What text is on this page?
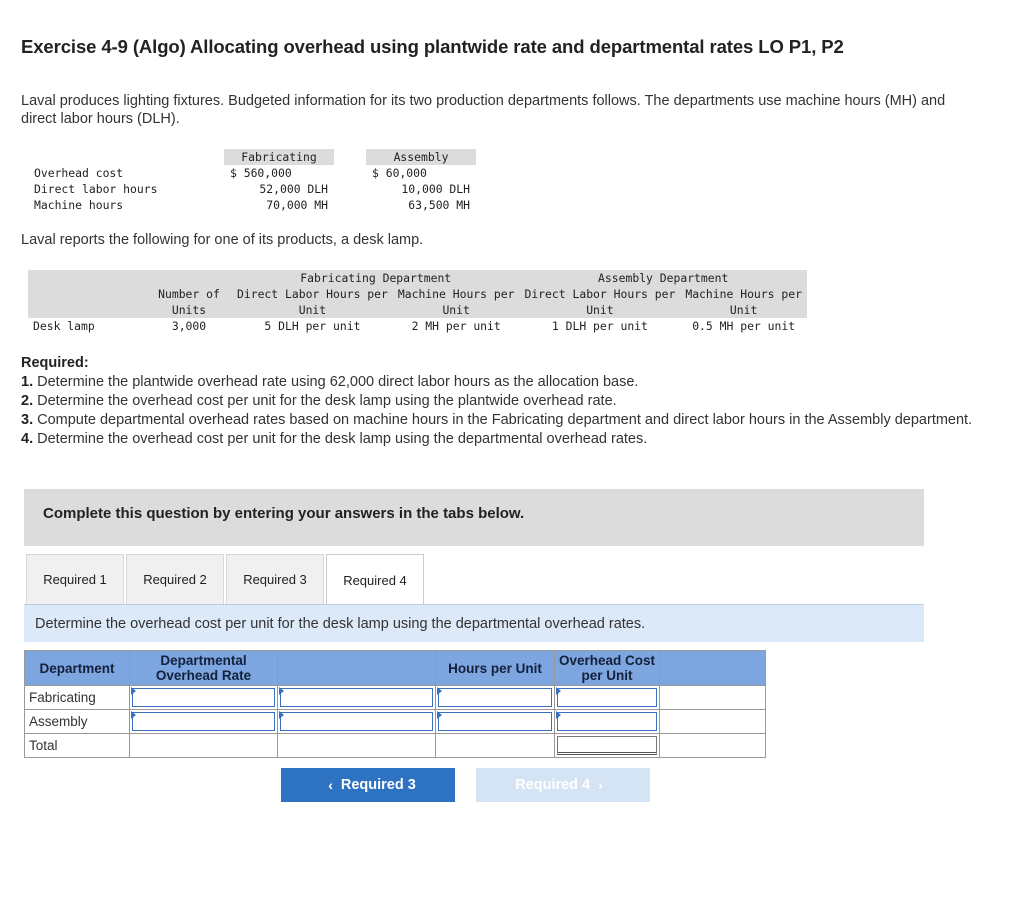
Exercise 4-9 (Algo) Allocating overhead using plantwide rate and departmental rates LO P1, P2

Laval produces lighting fixtures. Budgeted information for its two production departments follows. The departments use machine hours (MH) and direct labor hours (DLH).

	Fabricating		Assembly
Overhead cost	$ 560,000		$ 60,000
Direct labor hours	52,000 DLH		10,000 DLH
Machine hours	70,000 MH		63,500 MH

Laval reports the following for one of its products, a desk lamp.

		Fabricating Department		Assembly Department	
	Number of	Direct Labor Hours per	Machine Hours per	Direct Labor Hours per	Machine Hours per
	Units	Unit	Unit	Unit	Unit
Desk lamp	3,000	5 DLH per unit	2 MH per unit	1 DLH per unit	0.5 MH per unit
Required:
1. Determine the plantwide overhead rate using 62,000 direct labor hours as the allocation base.
2. Determine the overhead cost per unit for the desk lamp using the plantwide overhead rate.
3. Compute departmental overhead rates based on machine hours in the Fabricating department and direct labor hours in the Assembly department.
4. Determine the overhead cost per unit for the desk lamp using the departmental overhead rates.
Complete this question by entering your answers in the tabs below.
Required 1	Required 2	Required 3	Required 4
Determine the overhead cost per unit for the desk lamp using the departmental overhead rates.
Department	Departmental Overhead Rate		Hours per Unit	Overhead Cost per Unit	
Fabricating	

Assembly	

Total				

‹ Required 3	Required 4 ›
